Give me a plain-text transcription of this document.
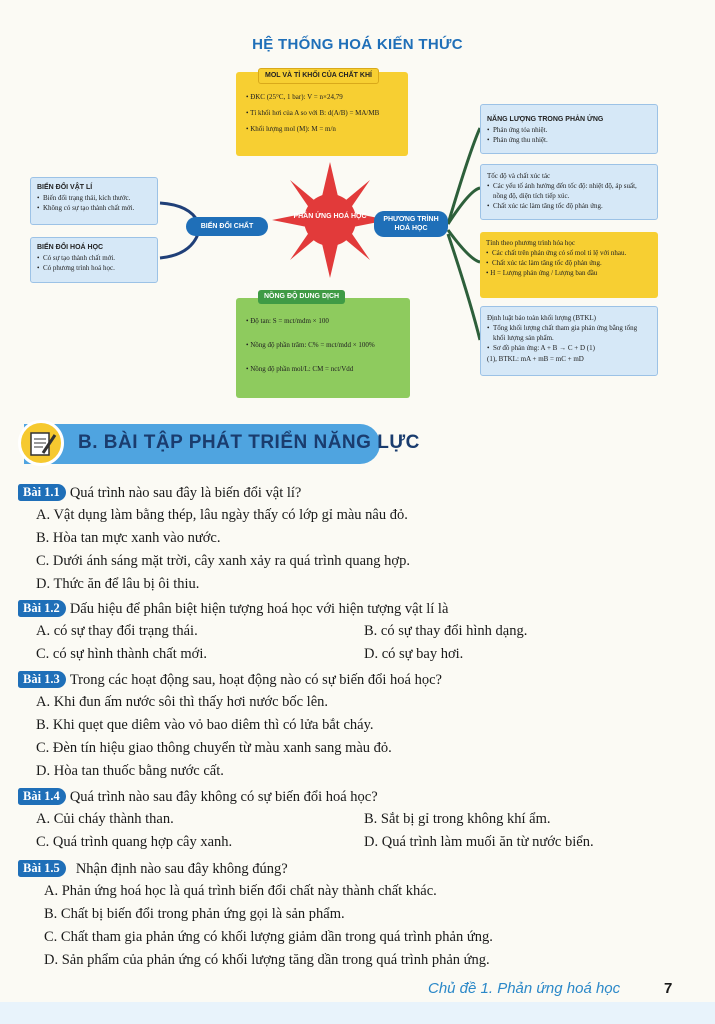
HỆ THỐNG HOÁ KIẾN THỨC
MOL VÀ TỈ KHỐI CỦA CHẤT KHÍ
• ĐKC (25°C, 1 bar): V = n×24,79
• Tỉ khối hơi của A so với B: d(A/B) = MA/MB
• Khối lượng mol (M): M = m/n
PHẢN ỨNG HOÁ HỌC
BIẾN ĐỔI CHẤT
PHƯƠNG TRÌNH HOÁ HỌC
BIẾN ĐỔI VẬT LÍ
• Biến đổi trạng thái, kích thước.
• Không có sự tạo thành chất mới.
BIẾN ĐỔI HOÁ HỌC
• Có sự tạo thành chất mới.
• Có phương trình hoá học.
NỒNG ĐỘ DUNG DỊCH
• Độ tan: S = mct/mdm × 100
• Nồng độ phần trăm: C% = mct/mdd × 100%
• Nồng độ phần mol/L: CM = nct/Vdd
NĂNG LƯỢNG TRONG PHẢN ỨNG
• Phản ứng tỏa nhiệt.
• Phản ứng thu nhiệt.
Tốc độ và chất xúc tác
• Các yếu tố ảnh hưởng đến tốc độ: nhiệt độ, áp suất, nồng độ, diện tích tiếp xúc.
• Chất xúc tác làm tăng tốc độ phản ứng.
Tính theo phương trình hóa học
• Các chất trên phản ứng có số mol tỉ lệ với nhau.
• Chất xúc tác làm tăng tốc độ phản ứng.
• H = Lượng phản ứng / Lượng ban đầu
Định luật bảo toàn khối lượng (BTKL)
• Tổng khối lượng chất tham gia phản ứng bằng tổng khối lượng sản phẩm.
• Sơ đồ phản ứng: A + B → C + D (1)
(1), BTKL: mA + mB = mC + mD
B. BÀI TẬP PHÁT TRIỂN NĂNG LỰC
Bài 1.1 Quá trình nào sau đây là biến đổi vật lí?
A. Vật dụng làm bằng thép, lâu ngày thấy có lớp gỉ màu nâu đỏ.
B. Hòa tan mực xanh vào nước.
C. Dưới ánh sáng mặt trời, cây xanh xảy ra quá trình quang hợp.
D. Thức ăn để lâu bị ôi thiu.
Bài 1.2 Dấu hiệu để phân biệt hiện tượng hoá học với hiện tượng vật lí là
A. có sự thay đổi trạng thái.	B. có sự thay đổi hình dạng.
C. có sự hình thành chất mới.	D. có sự bay hơi.
Bài 1.3 Trong các hoạt động sau, hoạt động nào có sự biến đổi hoá học?
A. Khi đun ấm nước sôi thì thấy hơi nước bốc lên.
B. Khi quẹt que diêm vào vỏ bao diêm thì có lửa bắt cháy.
C. Đèn tín hiệu giao thông chuyển từ màu xanh sang màu đỏ.
D. Hòa tan thuốc bằng nước cất.
Bài 1.4 Quá trình nào sau đây không có sự biến đổi hoá học?
A. Củi cháy thành than.	B. Sắt bị gỉ trong không khí ẩm.
C. Quá trình quang hợp cây xanh.	D. Quá trình làm muối ăn từ nước biển.
Bài 1.5 Nhận định nào sau đây không đúng?
A. Phản ứng hoá học là quá trình biến đổi chất này thành chất khác.
B. Chất bị biến đổi trong phản ứng gọi là sản phẩm.
C. Chất tham gia phản ứng có khối lượng giảm dần trong quá trình phản ứng.
D. Sản phẩm của phản ứng có khối lượng tăng dần trong quá trình phản ứng.
Chủ đề 1. Phản ứng hoá học	7
